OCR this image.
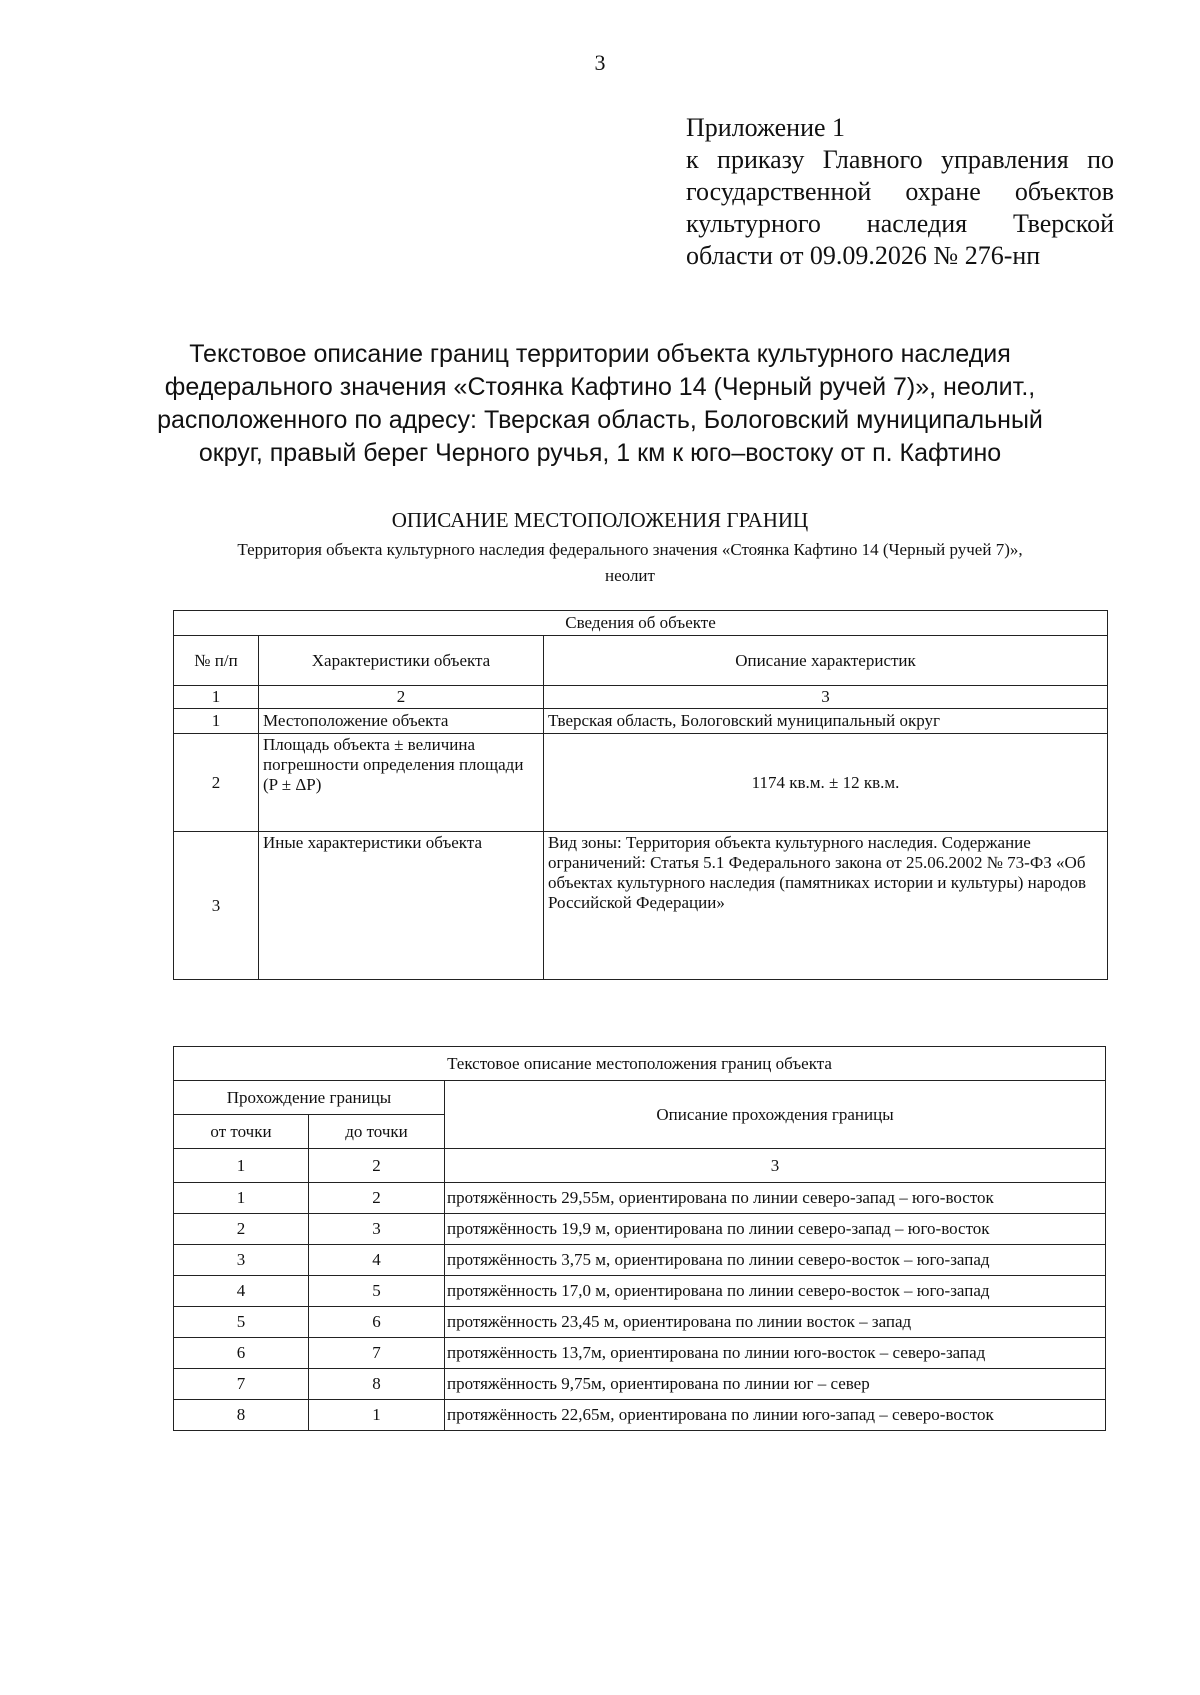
3
Приложение 1
к приказу Главного управления по
государственной охране объектов
культурного наследия Тверской
области от 09.09.2026 № 276-нп
Текстовое описание границ территории объекта культурного наследия
федерального значения «Стоянка Кафтино 14 (Черный ручей 7)», неолит.,
расположенного по адресу: Тверская область, Бологовский муниципальный
округ, правый берег Черного ручья, 1 км к юго–востоку от п. Кафтино
ОПИСАНИЕ МЕСТОПОЛОЖЕНИЯ ГРАНИЦ
Территория объекта культурного наследия федерального значения «Стоянка Кафтино 14 (Черный ручей 7)»,
неолит
Сведения об объекте		
№ п/п	Характеристики объекта	Описание характеристик
1	2	3
1	Местоположение объекта	Тверская область, Бологовский муниципальный округ
2	Площадь объекта ± величина погрешности определения площади (P ± ΔP)	1174 кв.м. ± 12 кв.м.
3	Иные характеристики объекта	Вид зоны: Территория объекта культурного наследия. Содержание ограничений: Статья 5.1 Федерального закона от 25.06.2002 № 73-ФЗ «Об объектах культурного наследия (памятниках истории и культуры) народов Российской Федерации»
Текстовое описание местоположения границ объекта		
Прохождение границы		Описание прохождения границы
от точки	до точки	
1	2	3
1	2	протяжённость 29,55м, ориентирована по линии северо-запад – юго-восток
2	3	протяжённость 19,9 м, ориентирована по линии северо-запад – юго-восток
3	4	протяжённость 3,75 м, ориентирована по линии северо-восток – юго-запад
4	5	протяжённость 17,0 м, ориентирована по линии северо-восток – юго-запад
5	6	протяжённость 23,45 м, ориентирована по линии восток – запад
6	7	протяжённость 13,7м, ориентирована по линии юго-восток – северо-запад
7	8	протяжённость 9,75м, ориентирована по линии юг – север
8	1	протяжённость 22,65м, ориентирована по линии юго-запад – северо-восток
